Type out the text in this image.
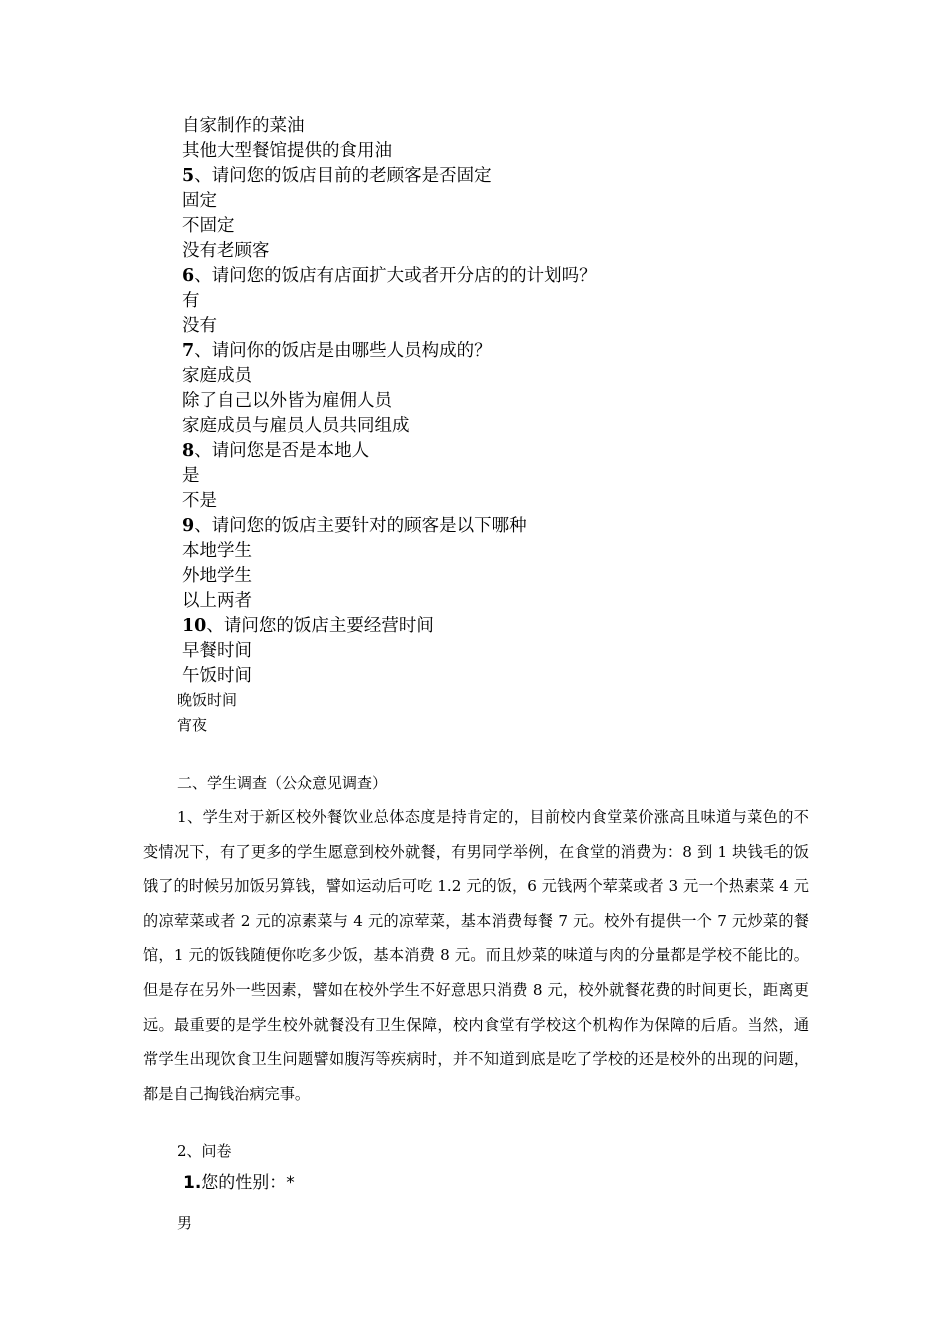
自家制作的菜油
其他大型餐馆提供的食用油
5、请问您的饭店目前的老顾客是否固定
固定
不固定
没有老顾客
6、请问您的饭店有店面扩大或者开分店的的计划吗？
有
没有
7、请问你的饭店是由哪些人员构成的？
家庭成员
除了自己以外皆为雇佣人员
家庭成员与雇员人员共同组成
8、请问您是否是本地人
是
不是
9、请问您的饭店主要针对的顾客是以下哪种
本地学生
外地学生
以上两者
10、请问您的饭店主要经营时间
早餐时间
午饭时间
晚饭时间
宵夜
二、学生调查（公众意见调查）
1、学生对于新区校外餐饮业总体态度是持肯定的，目前校内食堂菜价涨高且味道与菜色的不变情况下，有了更多的学生愿意到校外就餐，有男同学举例，在食堂的消费为：8 到 1 块钱毛的饭饿了的时候另加饭另算钱，譬如运动后可吃 1.2 元的饭，6 元钱两个荤菜或者 3 元一个热素菜 4 元的凉荤菜或者 2 元的凉素菜与 4 元的凉荤菜，基本消费每餐 7 元。校外有提供一个 7 元炒菜的餐馆，1 元的饭钱随便你吃多少饭，基本消费 8 元。而且炒菜的味道与肉的分量都是学校不能比的。但是存在另外一些因素，譬如在校外学生不好意思只消费 8 元，校外就餐花费的时间更长，距离更远。最重要的是学生校外就餐没有卫生保障，校内食堂有学校这个机构作为保障的后盾。当然，通常学生出现饮食卫生问题譬如腹泻等疾病时，并不知道到底是吃了学校的还是校外的出现的问题，都是自己掏钱治病完事。
2、问卷
1.您的性别：*
男
